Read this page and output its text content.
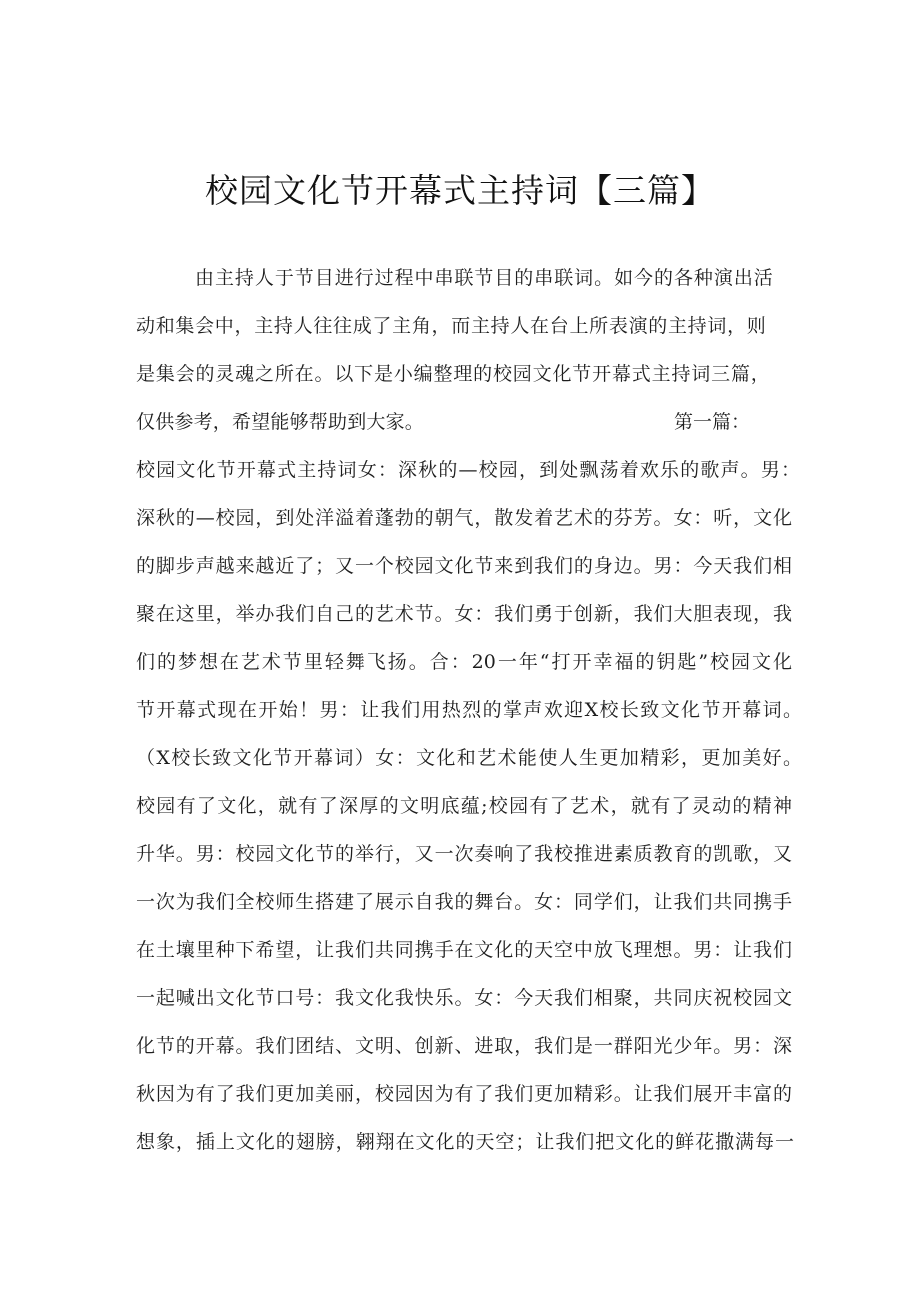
校园文化节开幕式主持词【三篇】
由主持人于节目进行过程中串联节目的串联词。如今的各种演出活
动和集会中，主持人往往成了主角，而主持人在台上所表演的主持词，则
是集会的灵魂之所在。以下是小编整理的校园文化节开幕式主持词三篇，
仅供参考，希望能够帮助到大家。	第一篇：
校园文化节开幕式主持词女：深秋的—校园，到处飘荡着欢乐的歌声。男：
深秋的—校园，到处洋溢着蓬勃的朝气，散发着艺术的芬芳。女：听，文化
的脚步声越来越近了；又一个校园文化节来到我们的身边。男：今天我们相
聚在这里，举办我们自己的艺术节。女：我们勇于创新，我们大胆表现，我
们的梦想在艺术节里轻舞飞扬。合：20一年“打开幸福的钥匙”校园文化
节开幕式现在开始！男：让我们用热烈的掌声欢迎X校长致文化节开幕词。
（X校长致文化节开幕词）女：文化和艺术能使人生更加精彩，更加美好。
校园有了文化，就有了深厚的文明底蕴;校园有了艺术，就有了灵动的精神
升华。男：校园文化节的举行，又一次奏响了我校推进素质教育的凯歌，又
一次为我们全校师生搭建了展示自我的舞台。女：同学们，让我们共同携手
在土壤里种下希望，让我们共同携手在文化的天空中放飞理想。男：让我们
一起喊出文化节口号：我文化我快乐。女：今天我们相聚，共同庆祝校园文
化节的开幕。我们团结、文明、创新、进取，我们是一群阳光少年。男：深
秋因为有了我们更加美丽，校园因为有了我们更加精彩。让我们展开丰富的
想象，插上文化的翅膀，翱翔在文化的天空；让我们把文化的鲜花撒满每一
